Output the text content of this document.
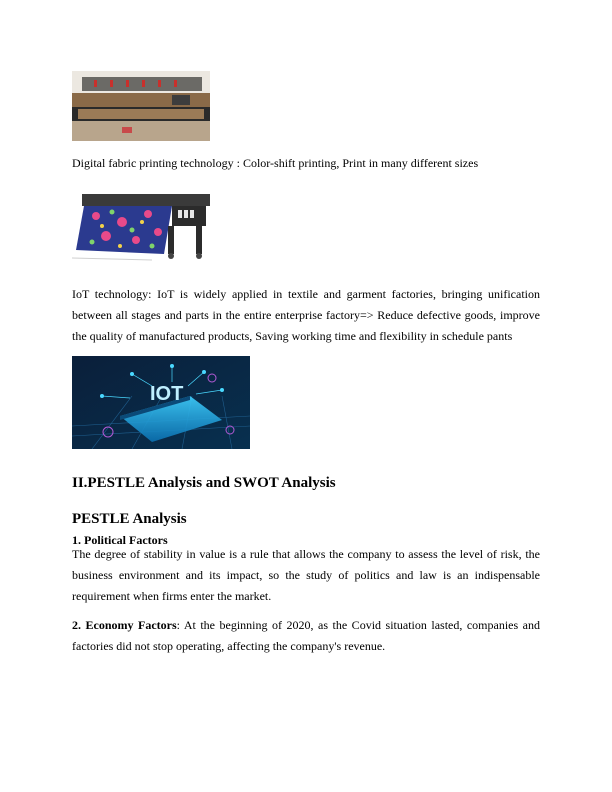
Digital fabric printing technology : Color-shift printing, Print in many different sizes

IoT technology: IoT is widely applied in textile and garment factories, bringing unification between all stages and parts in the entire enterprise factory=> Reduce defective goods, improve the quality of manufactured products, Saving working time and flexibility in schedule pants

IOT
II.PESTLE Analysis and SWOT Analysis
PESTLE Analysis
1. Political Factors

The degree of stability in value is a rule that allows the company to assess the level of risk, the business environment and its impact, so the study of politics and law is an indispensable requirement when firms enter the market.

2. Economy Factors: At the beginning of 2020, as the Covid situation lasted, companies and factories did not stop operating, affecting the company's revenue.
